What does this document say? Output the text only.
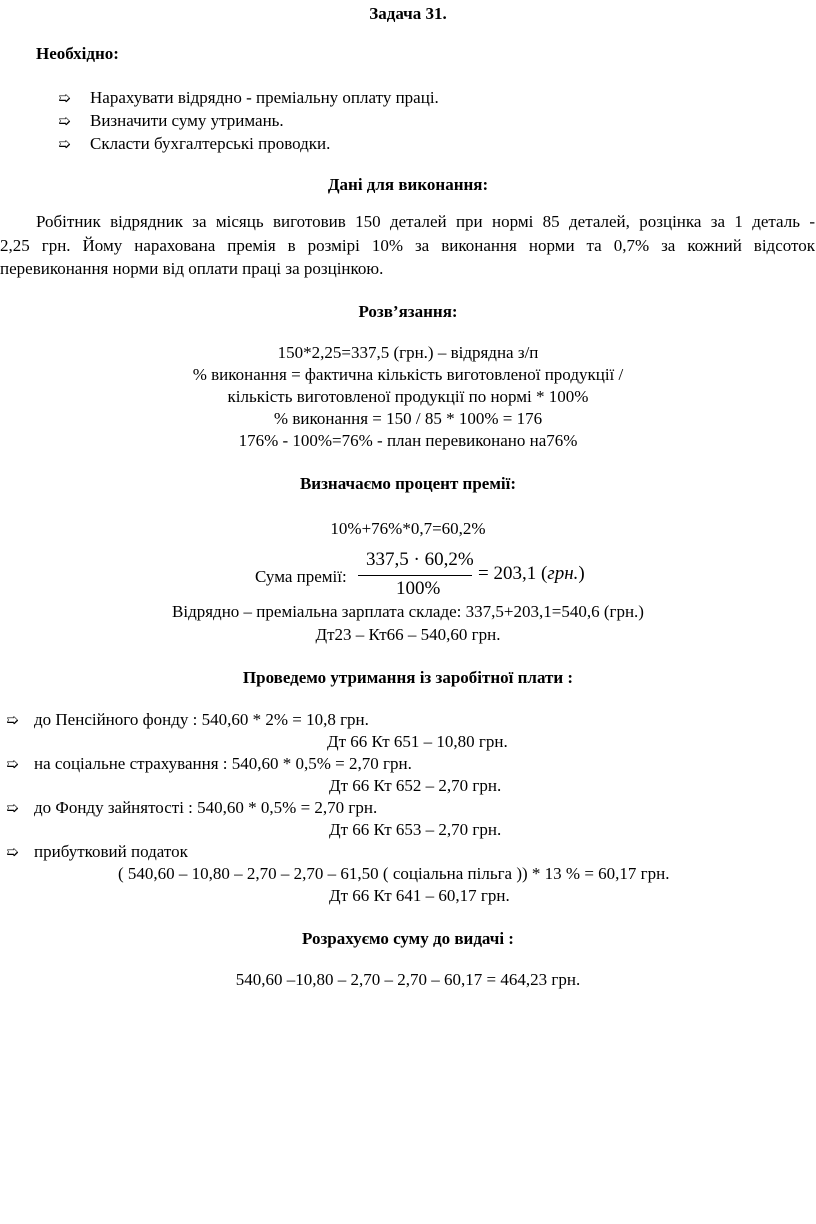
Задача 31.
Необхідно:
➯ Нарахувати відрядно - преміальну оплату праці.
➯ Визначити суму утримань.
➯ Скласти бухгалтерські проводки.
Дані для виконання:
Робітник відрядник за місяць виготовив 150 деталей при нормі 85 деталей, розцінка за 1 деталь -
2,25 грн. Йому нарахована премія в розмірі 10% за виконання норми та 0,7% за кожний відсоток
перевиконання норми від оплати праці за розцінкою.
Розв’язання:
150*2,25=337,5 (грн.) – відрядна з/п
% виконання = фактична кількість виготовленої продукції /
кількість виготовленої продукції по нормі * 100%
% виконання = 150 / 85 * 100% = 176
176% - 100%=76% - план перевиконано на76%
Визначаємо процент премії:
10%+76%*0,7=60,2%
Сума премії:
337,5 · 60,2%
100%
= 203,1 (грн.)
Відрядно – преміальна зарплата складе: 337,5+203,1=540,6 (грн.)
Дт23 – Кт66 – 540,60 грн.
Проведемо утримання із заробітної плати :
➯ до Пенсійного фонду : 540,60 * 2% = 10,8 грн.
Дт 66 Кт 651 – 10,80 грн.
➯ на соціальне страхування : 540,60 * 0,5% = 2,70 грн.
Дт 66 Кт 652 – 2,70 грн.
➯ до Фонду зайнятості : 540,60 * 0,5% = 2,70 грн.
Дт 66 Кт 653 – 2,70 грн.
➯ прибутковий податок
( 540,60 – 10,80 – 2,70 – 2,70 – 61,50 ( соціальна пільга )) * 13 % = 60,17 грн.
Дт 66 Кт 641 – 60,17 грн.
Розрахуємо суму до видачі :
540,60 –10,80 – 2,70 – 2,70 – 60,17 = 464,23 грн.
